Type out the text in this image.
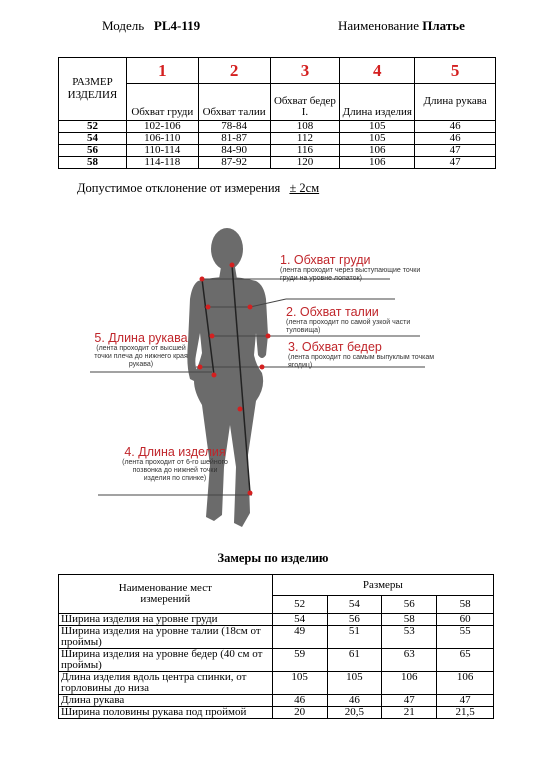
Модель PL4-119	Наименование Платье
РАЗМЕР
ИЗДЕЛИЯ	1	2	3	4	5
	Обхват груди	Обхват талии	Обхват бедер I.	Длина изделия	Длина рукава
52	102-106	78-84	108	105	46
54	106-110	81-87	112	105	46
56	110-114	84-90	116	106	47
58	114-118	87-92	120	106	47
Допустимое отклонение от измерения ± 2см
1. Обхват груди
(лента проходит через выступающие точки груди на уровне лопаток)
2. Обхват талии
(лента проходит по самой узкой части туловища)
3. Обхват бедер
(лента проходит по самым выпуклым точкам ягодиц)
5. Длина рукава
(лента проходит от высшей точки плеча до нижнего края рукава)
4. Длина изделия
(лента проходит от 6-го шейного позвонка до нижней точки изделия по спинке)
Замеры по изделию
Наименование мест измерений	Размеры			
	52	54	56	58
Ширина изделия на уровне груди	54	56	58	60
Ширина изделия на уровне талии (18см от проймы)	49	51	53	55
Ширина изделия на уровне бедер (40 см от проймы)	59	61	63	65
Длина изделия вдоль центра спинки, от горловины до низа	105	105	106	106
Длина рукава	46	46	47	47
Ширина половины рукава под проймой	20	20,5	21	21,5
